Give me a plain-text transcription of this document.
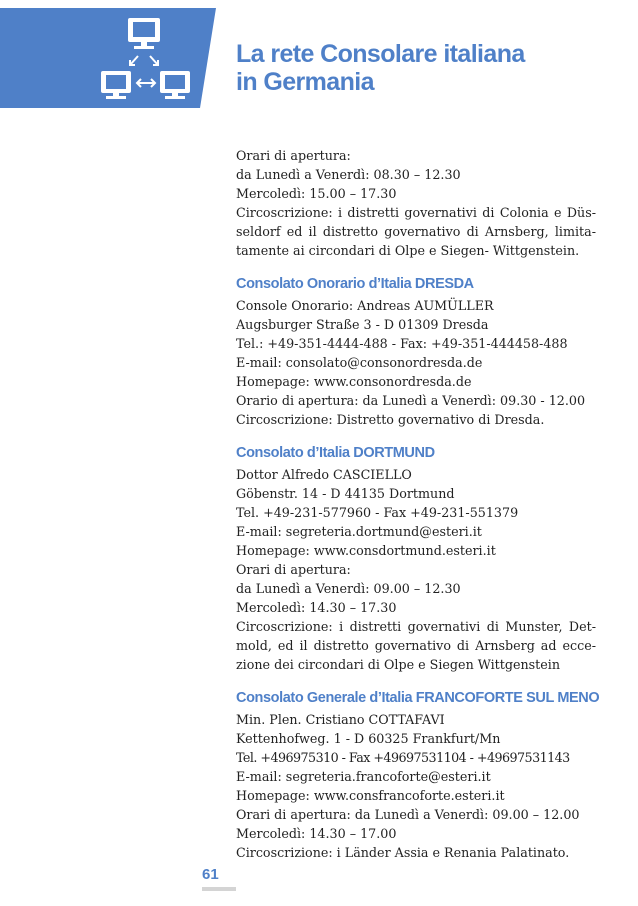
La rete Consolare italiana
in Germania
Orari di apertura:
da Lunedì a Venerdì: 08.30 – 12.30
Mercoledì: 15.00 – 17.30
Circoscrizione: i distretti governativi di Colonia e Düs-
seldorf ed il distretto governativo di Arnsberg, limita-
tamente ai circondari di Olpe e Siegen- Wittgenstein.
Consolato Onorario d’Italia DRESDA
Console Onorario: Andreas AUMÜLLER
Augsburger Straße 3 - D 01309 Dresda
Tel.: +49-351-4444-488 - Fax: +49-351-444458-488
E-mail: consolato@consonordresda.de
Homepage: www.consonordresda.de
Orario di apertura: da Lunedì a Venerdì: 09.30 - 12.00
Circoscrizione: Distretto governativo di Dresda.
Consolato d’Italia DORTMUND
Dottor Alfredo CASCIELLO
Göbenstr. 14 - D 44135 Dortmund
Tel. +49-231-577960 - Fax +49-231-551379
E-mail: segreteria.dortmund@esteri.it
Homepage: www.consdortmund.esteri.it
Orari di apertura:
da Lunedì a Venerdì: 09.00 – 12.30
Mercoledì: 14.30 – 17.30
Circoscrizione: i distretti governativi di Munster, Det-
mold, ed il distretto governativo di Arnsberg ad ecce-
zione dei circondari di Olpe e Siegen Wittgenstein
Consolato Generale d’Italia FRANCOFORTE SUL MENO
Min. Plen. Cristiano COTTAFAVI
Kettenhofweg. 1 - D 60325 Frankfurt/Mn
Tel. +496975310 - Fax +49697531104 - +49697531143
E-mail: segreteria.francoforte@esteri.it
Homepage: www.consfrancoforte.esteri.it
Orari di apertura: da Lunedì a Venerdì: 09.00 – 12.00
Mercoledì: 14.30 – 17.00
Circoscrizione: i Länder Assia e Renania Palatinato.
61
